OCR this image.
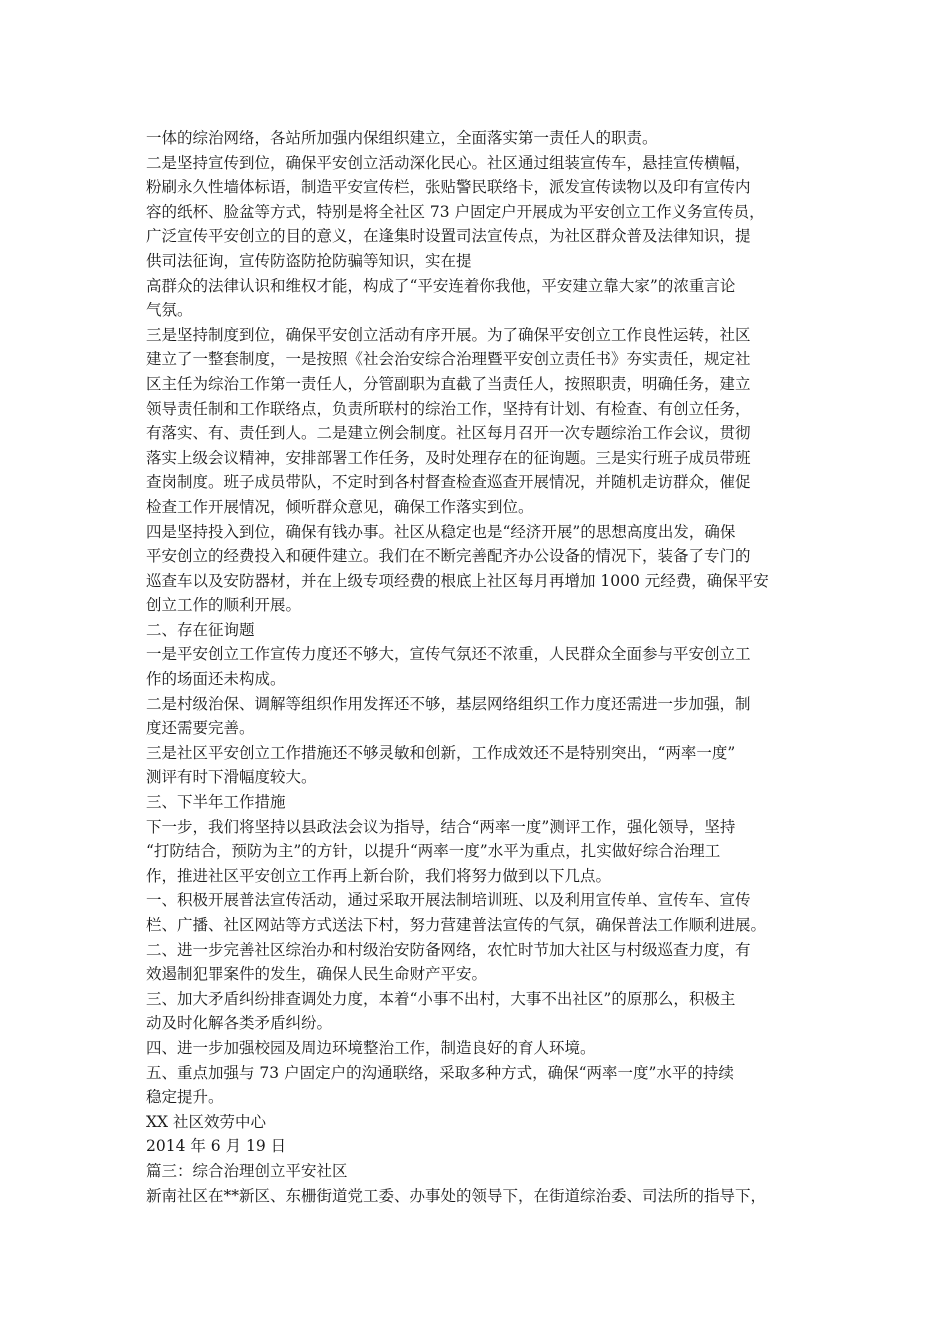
一体的综治网络，各站所加强内保组织建立，全面落实第一责任人的职责。
二是坚持宣传到位，确保平安创立活动深化民心。社区通过组装宣传车，悬挂宣传横幅，
粉刷永久性墙体标语，制造平安宣传栏，张贴警民联络卡，派发宣传读物以及印有宣传内
容的纸杯、脸盆等方式，特别是将全社区 73 户固定户开展成为平安创立工作义务宣传员，
广泛宣传平安创立的目的意义，在逢集时设置司法宣传点，为社区群众普及法律知识，提
供司法征询，宣传防盗防抢防骗等知识，实在提
高群众的法律认识和维权才能，构成了“平安连着你我他，平安建立靠大家”的浓重言论
气氛。
三是坚持制度到位，确保平安创立活动有序开展。为了确保平安创立工作良性运转，社区
建立了一整套制度，一是按照《社会治安综合治理暨平安创立责任书》夯实责任，规定社
区主任为综治工作第一责任人，分管副职为直截了当责任人，按照职责，明确任务，建立
领导责任制和工作联络点，负责所联村的综治工作，坚持有计划、有检查、有创立任务，
有落实、有、责任到人。二是建立例会制度。社区每月召开一次专题综治工作会议，贯彻
落实上级会议精神，安排部署工作任务，及时处理存在的征询题。三是实行班子成员带班
查岗制度。班子成员带队，不定时到各村督查检查巡查开展情况，并随机走访群众，催促
检查工作开展情况，倾听群众意见，确保工作落实到位。
四是坚持投入到位，确保有钱办事。社区从稳定也是“经济开展”的思想高度出发，确保
平安创立的经费投入和硬件建立。我们在不断完善配齐办公设备的情况下，装备了专门的
巡查车以及安防器材，并在上级专项经费的根底上社区每月再增加 1000 元经费，确保平安
创立工作的顺利开展。
二、存在征询题
一是平安创立工作宣传力度还不够大，宣传气氛还不浓重，人民群众全面参与平安创立工
作的场面还未构成。
二是村级治保、调解等组织作用发挥还不够，基层网络组织工作力度还需进一步加强，制
度还需要完善。
三是社区平安创立工作措施还不够灵敏和创新，工作成效还不是特别突出，“两率一度”
测评有时下滑幅度较大。
三、下半年工作措施
下一步，我们将坚持以县政法会议为指导，结合“两率一度”测评工作，强化领导，坚持
“打防结合，预防为主”的方针，以提升“两率一度”水平为重点，扎实做好综合治理工
作，推进社区平安创立工作再上新台阶，我们将努力做到以下几点。
一、积极开展普法宣传活动，通过采取开展法制培训班、以及利用宣传单、宣传车、宣传
栏、广播、社区网站等方式送法下村，努力营建普法宣传的气氛，确保普法工作顺利进展。
二、进一步完善社区综治办和村级治安防备网络，农忙时节加大社区与村级巡查力度，有
效遏制犯罪案件的发生，确保人民生命财产平安。
三、加大矛盾纠纷排查调处力度，本着“小事不出村，大事不出社区”的原那么，积极主
动及时化解各类矛盾纠纷。
四、进一步加强校园及周边环境整治工作，制造良好的育人环境。
五、重点加强与 73 户固定户的沟通联络，采取多种方式，确保“两率一度”水平的持续
稳定提升。
XX 社区效劳中心
2014 年 6 月 19 日
篇三：综合治理创立平安社区
新南社区在**新区、东栅街道党工委、办事处的领导下，在街道综治委、司法所的指导下，
